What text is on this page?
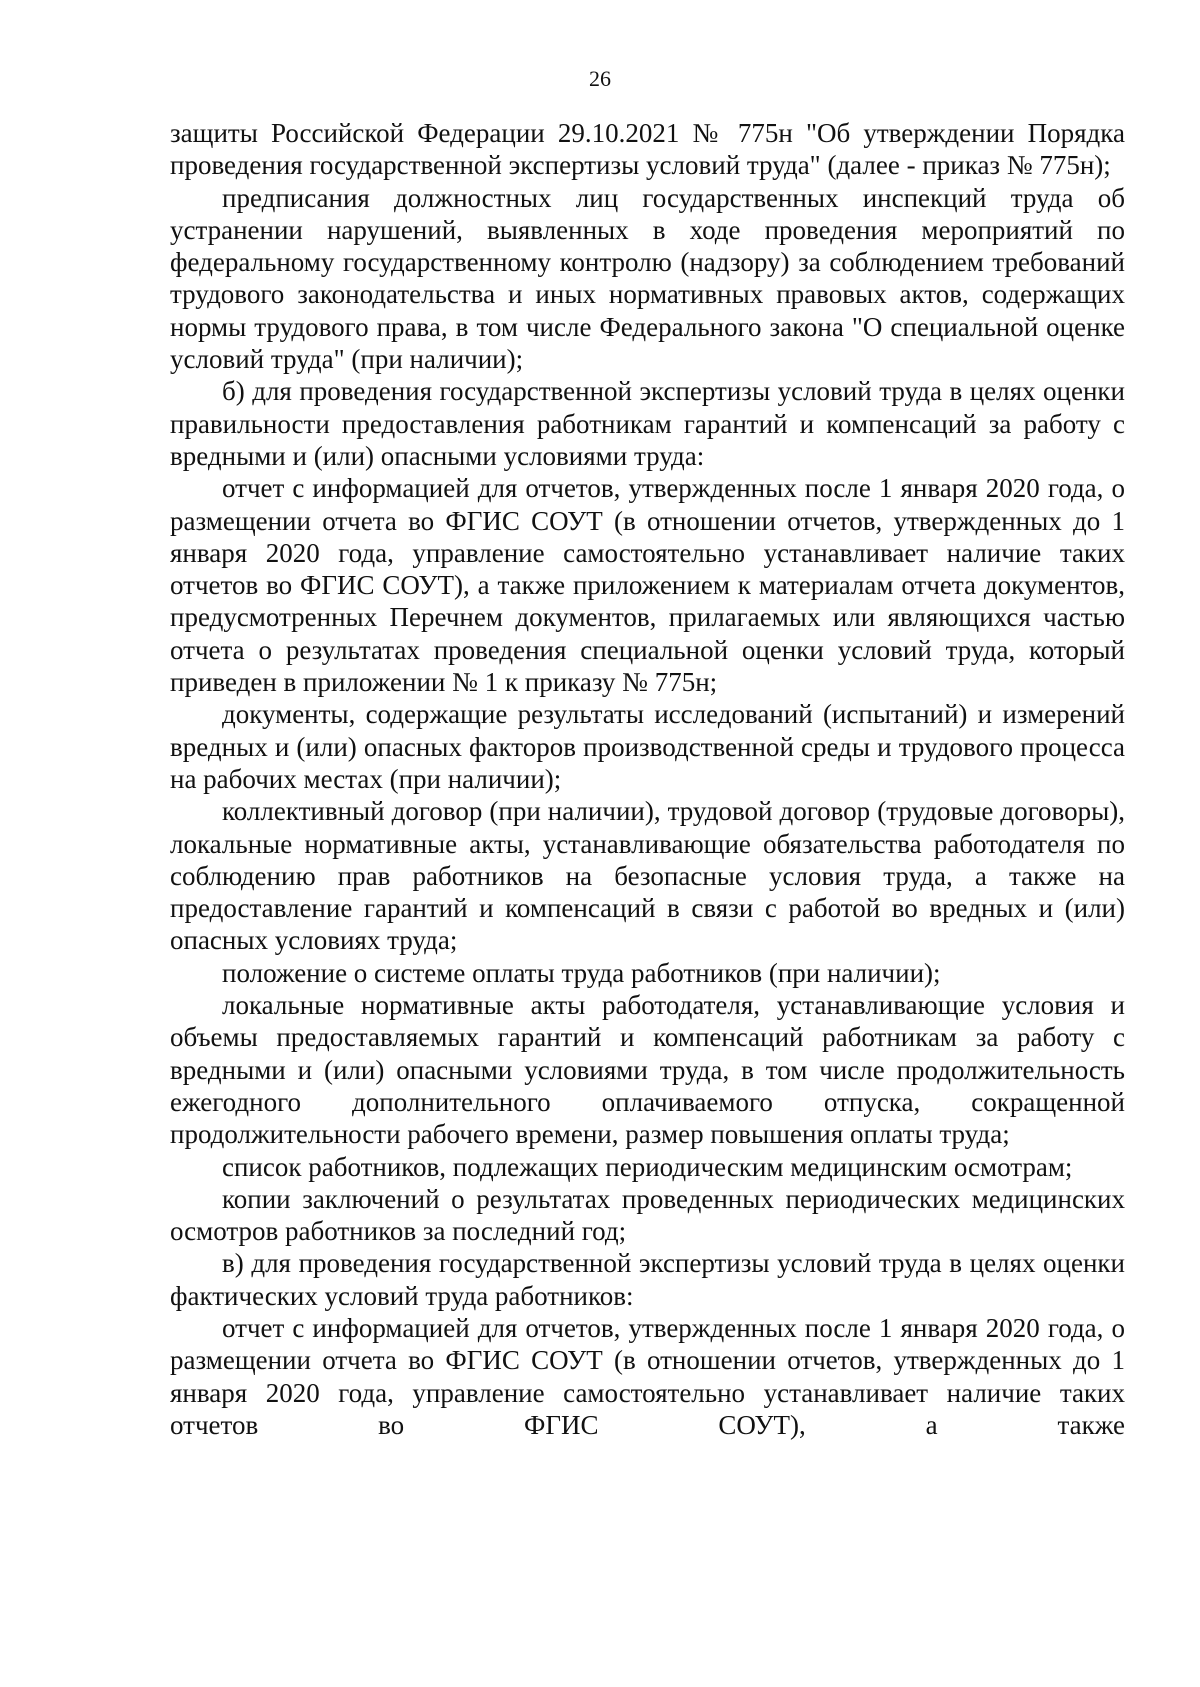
26

защиты Российской Федерации 29.10.2021 № 775н "Об утверждении Порядка проведения государственной экспертизы условий труда" (далее - приказ № 775н);

предписания должностных лиц государственных инспекций труда об устранении нарушений, выявленных в ходе проведения мероприятий по федеральному государственному контролю (надзору) за соблюдением требований трудового законодательства и иных нормативных правовых актов, содержащих нормы трудового права, в том числе Федерального закона "О специальной оценке условий труда" (при наличии);

б) для проведения государственной экспертизы условий труда в целях оценки правильности предоставления работникам гарантий и компенсаций за работу с вредными и (или) опасными условиями труда:

отчет с информацией для отчетов, утвержденных после 1 января 2020 года, о размещении отчета во ФГИС СОУТ (в отношении отчетов, утвержденных до 1 января 2020 года, управление самостоятельно устанавливает наличие таких отчетов во ФГИС СОУТ), а также приложением к материалам отчета документов, предусмотренных Перечнем документов, прилагаемых или являющихся частью отчета о результатах проведения специальной оценки условий труда, который приведен в приложении № 1 к приказу № 775н;

документы, содержащие результаты исследований (испытаний) и измерений вредных и (или) опасных факторов производственной среды и трудового процесса на рабочих местах (при наличии);

коллективный договор (при наличии), трудовой договор (трудовые договоры), локальные нормативные акты, устанавливающие обязательства работодателя по соблюдению прав работников на безопасные условия труда, а также на предоставление гарантий и компенсаций в связи с работой во вредных и (или) опасных условиях труда;

положение о системе оплаты труда работников (при наличии);

локальные нормативные акты работодателя, устанавливающие условия и объемы предоставляемых гарантий и компенсаций работникам за работу с вредными и (или) опасными условиями труда, в том числе продолжительность ежегодного дополнительного оплачиваемого отпуска, сокращенной продолжительности рабочего времени, размер повышения оплаты труда;

список работников, подлежащих периодическим медицинским осмотрам;

копии заключений о результатах проведенных периодических медицинских осмотров работников за последний год;

в) для проведения государственной экспертизы условий труда в целях оценки фактических условий труда работников:

отчет с информацией для отчетов, утвержденных после 1 января 2020 года, о размещении отчета во ФГИС СОУТ (в отношении отчетов, утвержденных до 1 января 2020 года, управление самостоятельно устанавливает наличие таких отчетов во ФГИС СОУТ), а также
